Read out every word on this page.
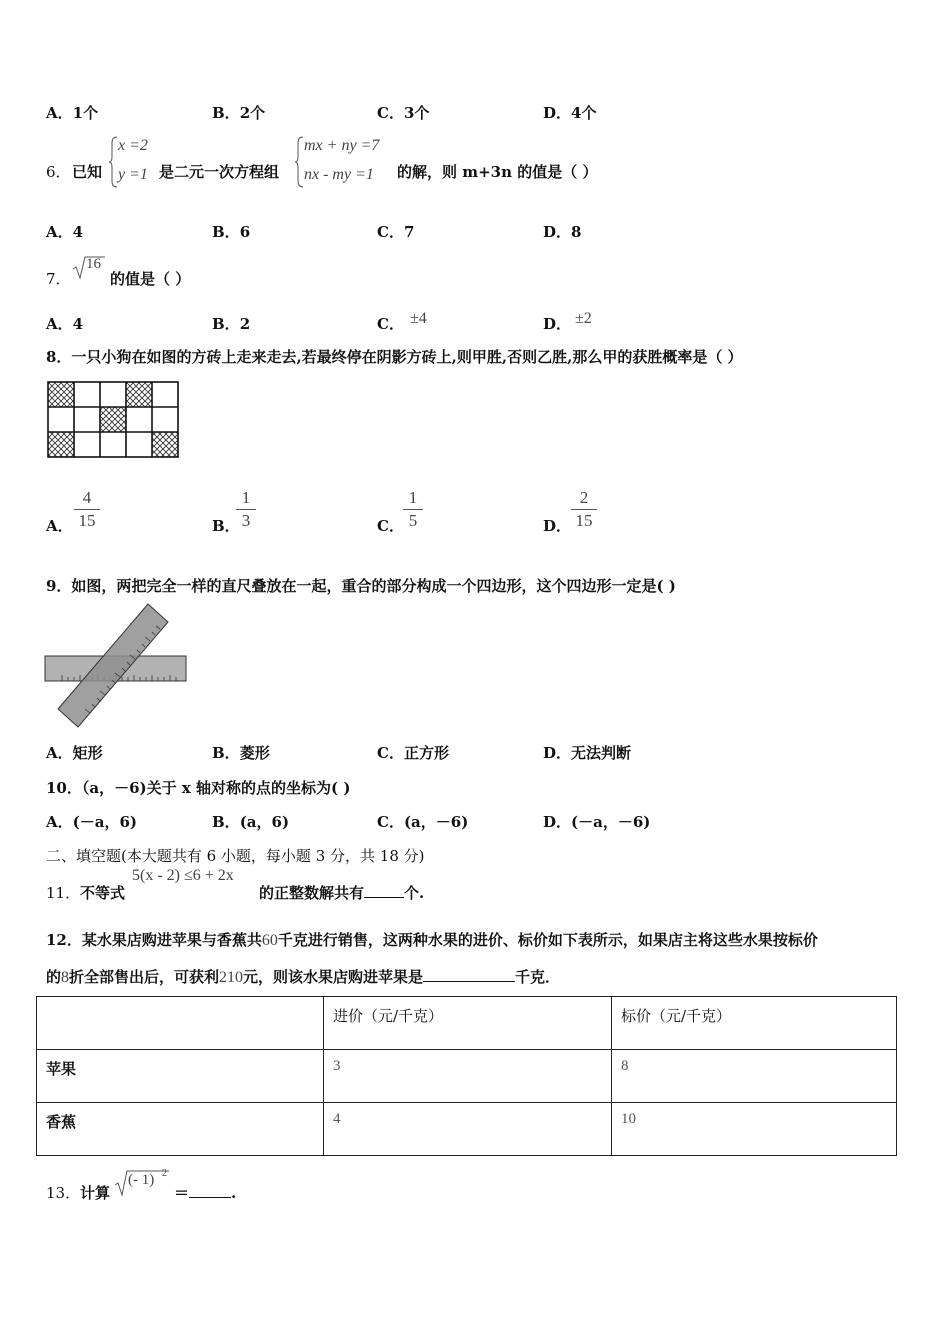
A．1个	B．2个	C．3个	D．4个
6． 已知
x =2
y =1 是二元一次方程组
mx + ny =7
nx - my =1 的解，则 m+3n 的值是（ ）
A．4	B．6	C．7	D．8
7．
16
的值是（ ）
A．4	B．2	C． ±4	D． ±2
8．一只小狗在如图的方砖上走来走去,若最终停在阴影方砖上,则甲胜,否则乙胜,那么甲的获胜概率是（ ）
A．
4
15	B．
1
3	C．
1
5	D．
2
15
9．如图，两把完全一样的直尺叠放在一起，重合的部分构成一个四边形，这个四边形一定是( )
A．矩形	B．菱形	C．正方形	D．无法判断
10．（a，－6)关于 x 轴对称的点的坐标为( )
A．(－a，6)	B．(a，6)	C．(a，－6)	D．(－a，－6)
二、填空题(本大题共有 6 小题，每小题 3 分，共 18 分)
11． 不等式
5(x - 2) ≤6 + 2x
的正整数解共有	个.
12．某水果店购进苹果与香蕉共60千克进行销售，这两种水果的进价、标价如下表所示，如果店主将这些水果按标价
的8折全部售出后，可获利210元，则该水果店购进苹果是	千克．
	进价（元/千克）	标价（元/千克）
苹果	3	8
香蕉	4	10
13． 计算
(- 1) 2
＝	.
